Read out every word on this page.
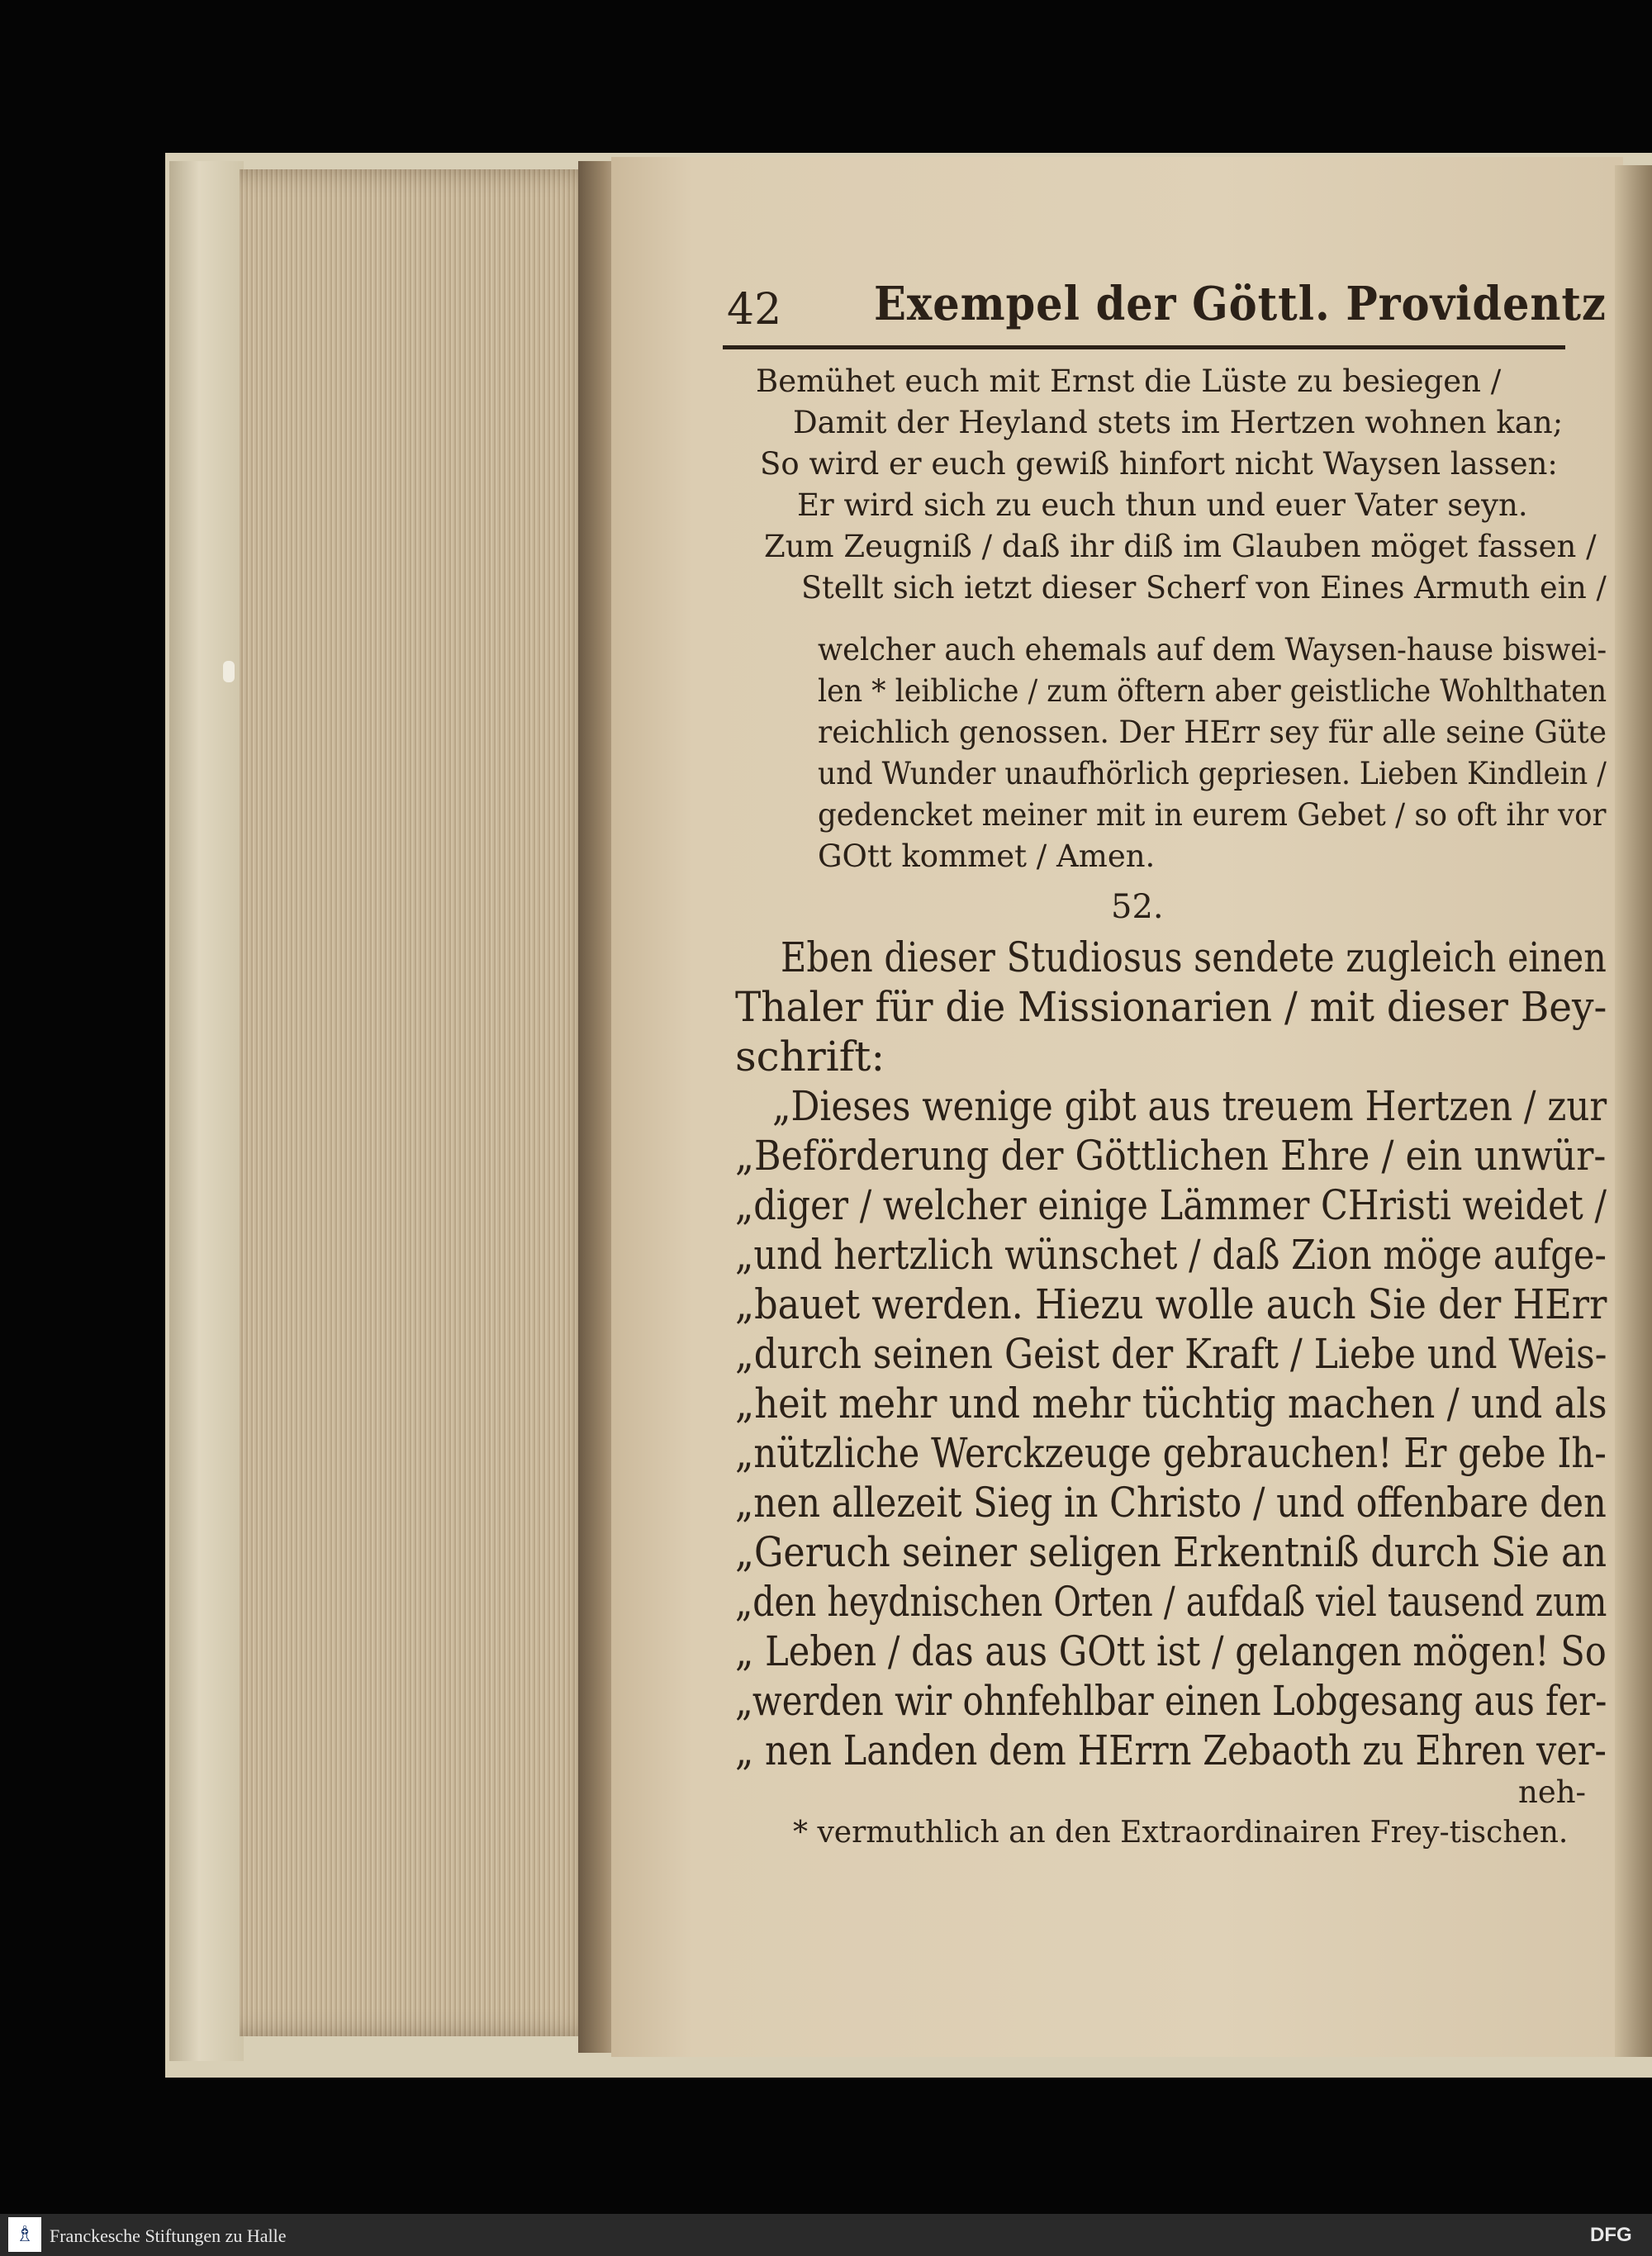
42 Exempel der Göttl. Providentz
Bemühet euch mit Ernst die Lüste zu besiegen /
Damit der Heyland stets im Hertzen wohnen kan;
So wird er euch gewiß hinfort nicht Waysen lassen:
Er wird sich zu euch thun und euer Vater seyn.
Zum Zeugniß / daß ihr diß im Glauben möget fassen /
Stellt sich ietzt dieser Scherf von Eines Armuth ein /
welcher auch ehemals auf dem Waysen-hause biswei-
len * leibliche / zum öftern aber geistliche Wohlthaten
reichlich genossen. Der HErr sey für alle seine Güte
und Wunder unaufhörlich gepriesen. Lieben Kindlein /
gedencket meiner mit in eurem Gebet / so oft ihr vor
GOtt kommet / Amen.
52.
Eben dieser Studiosus sendete zugleich einen
Thaler für die Missionarien / mit dieser Bey-
schrift:
„Dieses wenige gibt aus treuem Hertzen / zur
„Beförderung der Göttlichen Ehre / ein unwür-
„diger / welcher einige Lämmer CHristi weidet /
„und hertzlich wünschet / daß Zion möge aufge-
„bauet werden. Hiezu wolle auch Sie der HErr
„durch seinen Geist der Kraft / Liebe und Weis-
„heit mehr und mehr tüchtig machen / und als
„nützliche Werckzeuge gebrauchen! Er gebe Ih-
„nen allezeit Sieg in Christo / und offenbare den
„Geruch seiner seligen Erkentniß durch Sie an
„den heydnischen Orten / aufdaß viel tausend zum
„ Leben / das aus GOtt ist / gelangen mögen! So
„werden wir ohnfehlbar einen Lobgesang aus fer-
„ nen Landen dem HErrn Zebaoth zu Ehren ver-
neh-
* vermuthlich an den Extraordinairen Frey-tischen.
♗ Franckesche Stiftungen zu Halle	DFG
